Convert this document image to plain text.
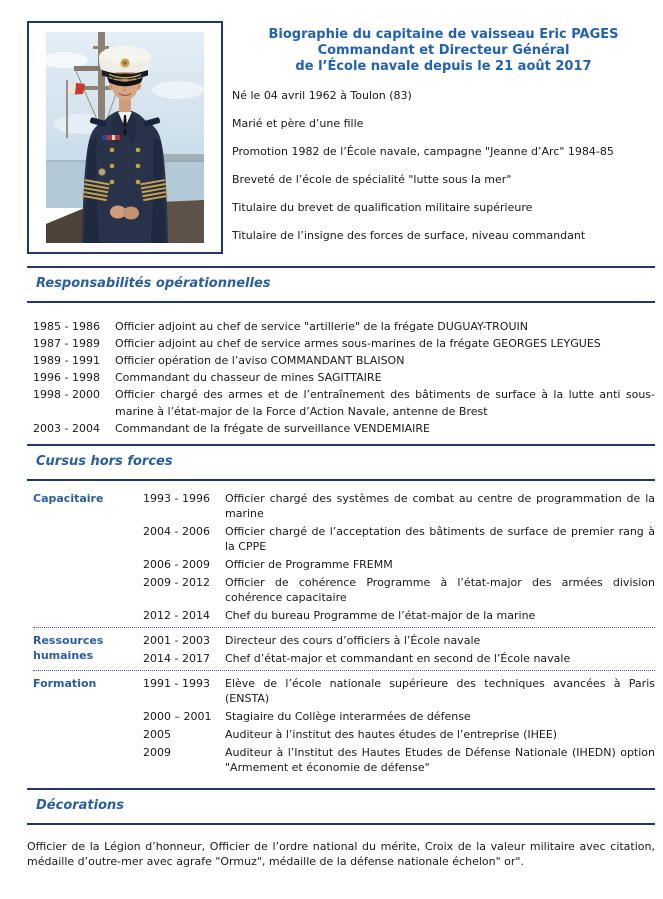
Biographie du capitaine de vaisseau Eric PAGES
Commandant et Directeur Général
de l’École navale depuis le 21 août 2017

Né le 04 avril 1962 à Toulon (83)

Marié et père d’une fille

Promotion 1982 de l’École navale, campagne "Jeanne d’Arc" 1984-85

Breveté de l’école de spécialité "lutte sous la mer"

Titulaire du brevet de qualification militaire supérieure

Titulaire de l’insigne des forces de surface, niveau commandant

Responsabilités opérationnelles
1985 - 1986	Officier adjoint au chef de service "artillerie" de la frégate DUGUAY-TROUIN
1987 - 1989	Officier adjoint au chef de service armes sous-marines de la frégate GEORGES LEYGUES
1989 - 1991	Officier opération de l’aviso COMMANDANT BLAISON
1996 - 1998	Commandant du chasseur de mines SAGITTAIRE
1998 - 2000	Officier chargé des armes et de l’entraînement des bâtiments de surface à la lutte anti sous-marine à l’état-major de la Force d’Action Navale, antenne de Brest
2003 - 2004	Commandant de la frégate de surveillance VENDEMIAIRE
Cursus hors forces
Capacitaire	1993 - 1996	Officier chargé des systèmes de combat au centre de programmation de la marine
2004 - 2006	Officier chargé de l’acceptation des bâtiments de surface de premier rang à la CPPE
2006 - 2009	Officier de Programme FREMM
2009 - 2012	Officier de cohérence Programme à l’état-major des armées division cohérence capacitaire
2012 - 2014	Chef du bureau Programme de l’état-major de la marine
Ressources humaines
2001 - 2003	Directeur des cours d’officiers à l’École navale
2014 - 2017	Chef d’état-major et commandant en second de l’École navale
Formation	1991 - 1993	Elève de l’école nationale supérieure des techniques avancées à Paris (ENSTA)
2000 – 2001	Stagiaire du Collège interarmées de défense
2005	Auditeur à l’institut des hautes études de l’entreprise (IHEE)
2009	Auditeur à l’Institut des Hautes Etudes de Défense Nationale (IHEDN) option "Armement et économie de défense"
Décorations

Officier de la Légion d’honneur, Officier de l’ordre national du mérite, Croix de la valeur militaire avec citation, médaille d’outre-mer avec agrafe "Ormuz", médaille de la défense nationale échelon" or".
